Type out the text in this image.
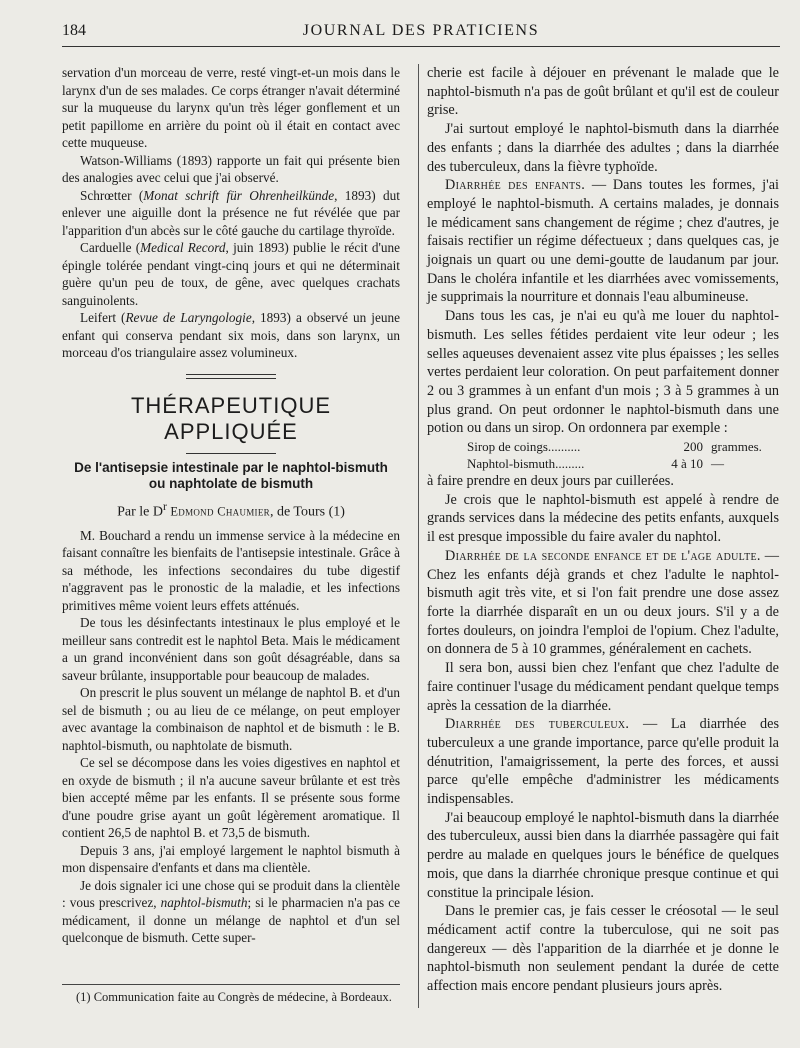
184	JOURNAL DES PRATICIENS

servation d'un morceau de verre, resté vingt-et-un mois dans le larynx d'un de ses malades. Ce corps étranger n'avait déterminé sur la muqueuse du larynx qu'un très léger gonflement et un petit papillome en arrière du point où il était en contact avec cette muqueuse.

Watson-Williams (1893) rapporte un fait qui présente bien des analogies avec celui que j'ai observé.

Schrœtter (Monat schrift für Ohrenheilkünde, 1893) dut enlever une aiguille dont la présence ne fut révélée que par l'apparition d'un abcès sur le côté gauche du cartilage thyroïde.

Carduelle (Medical Record, juin 1893) publie le récit d'une épingle tolérée pendant vingt-cinq jours et qui ne déterminait guère qu'un peu de toux, de gêne, avec quelques crachats sanguinolents.

Leifert (Revue de Laryngologie, 1893) a observé un jeune enfant qui conserva pendant six mois, dans son larynx, un morceau d'os triangulaire assez volumineux.

THÉRAPEUTIQUE APPLIQUÉE
De l'antisepsie intestinale par le naphtol-bismuth
ou naphtolate de bismuth
Par le $D^r$ Edmond Chaumier, de Tours (1)

M. Bouchard a rendu un immense service à la médecine en faisant connaître les bienfaits de l'antisepsie intestinale. Grâce à sa méthode, les infections secondaires du tube digestif n'aggravent pas le pronostic de la maladie, et les infections primitives même voient leurs effets atténués.

De tous les désinfectants intestinaux le plus employé et le meilleur sans contredit est le naphtol Beta. Mais le médicament a un grand inconvénient dans son goût désagréable, dans sa saveur brûlante, insupportable pour beaucoup de malades.

On prescrit le plus souvent un mélange de naphtol B. et d'un sel de bismuth ; ou au lieu de ce mélange, on peut employer avec avantage la combinaison de naphtol et de bismuth : le B. naphtol-bismuth, ou naphtolate de bismuth.

Ce sel se décompose dans les voies digestives en naphtol et en oxyde de bismuth ; il n'a aucune saveur brûlante et est très bien accepté même par les enfants. Il se présente sous forme d'une poudre grise ayant un goût légèrement aromatique. Il contient 26,5 de naphtol B. et 73,5 de bismuth.

Depuis 3 ans, j'ai employé largement le naphtol bismuth à mon dispensaire d'enfants et dans ma clientèle.

Je dois signaler ici une chose qui se produit dans la clientèle : vous prescrivez, naphtol-bismuth; si le pharmacien n'a pas ce médicament, il donne un mélange de naphtol et d'un sel quelconque de bismuth. Cette super-

cherie est facile à déjouer en prévenant le malade que le naphtol-bismuth n'a pas de goût brûlant et qu'il est de couleur grise.

J'ai surtout employé le naphtol-bismuth dans la diarrhée des enfants ; dans la diarrhée des adultes ; dans la diarrhée des tuberculeux, dans la fièvre typhoïde.

Diarrhée des enfants. — Dans toutes les formes, j'ai employé le naphtol-bismuth. A certains malades, je donnais le médicament sans changement de régime ; chez d'autres, je faisais rectifier un régime défectueux ; dans quelques cas, je joignais un quart ou une demi-goutte de laudanum par jour. Dans le choléra infantile et les diarrhées avec vomissements, je supprimais la nourriture et donnais l'eau albumineuse.

Dans tous les cas, je n'ai eu qu'à me louer du naphtol-bismuth. Les selles fétides perdaient vite leur odeur ; les selles aqueuses devenaient assez vite plus épaisses ; les selles vertes perdaient leur coloration. On peut parfaitement donner 2 ou 3 grammes à un enfant d'un mois ; 3 à 5 grammes à un plus grand. On peut ordonner le naphtol-bismuth dans une potion ou dans un sirop. On ordonnera par exemple :

Sirop de coings..........	200 grammes.
Naphtol-bismuth.........	4 à 10 —

à faire prendre en deux jours par cuillerées.

Je crois que le naphtol-bismuth est appelé à rendre de grands services dans la médecine des petits enfants, auxquels il est presque impossible du faire avaler du naphtol.

Diarrhée de la seconde enfance et de l'age adulte. — Chez les enfants déjà grands et chez l'adulte le naphtol-bismuth agit très vite, et si l'on fait prendre une dose assez forte la diarrhée disparaît en un ou deux jours. S'il y a de fortes douleurs, on joindra l'emploi de l'opium. Chez l'adulte, on donnera de 5 à 10 grammes, généralement en cachets.

Il sera bon, aussi bien chez l'enfant que chez l'adulte de faire continuer l'usage du médicament pendant quelque temps après la cessation de la diarrhée.

Diarrhée des tuberculeux. — La diarrhée des tuberculeux a une grande importance, parce qu'elle produit la dénutrition, l'amaigrissement, la perte des forces, et aussi parce qu'elle empêche d'administrer les médicaments indispensables.

J'ai beaucoup employé le naphtol-bismuth dans la diarrhée des tuberculeux, aussi bien dans la diarrhée passagère qui fait perdre au malade en quelques jours le bénéfice de quelques mois, que dans la diarrhée chronique presque continue et qui constitue la principale lésion.

Dans le premier cas, je fais cesser le créosotal — le seul médicament actif contre la tuberculose, qui ne soit pas dangereux — dès l'apparition de la diarrhée et je donne le naphtol-bismuth non seulement pendant la durée de cette affection mais encore pendant plusieurs jours après.

(1) Communication faite au Congrès de médecine, à Bordeaux.
